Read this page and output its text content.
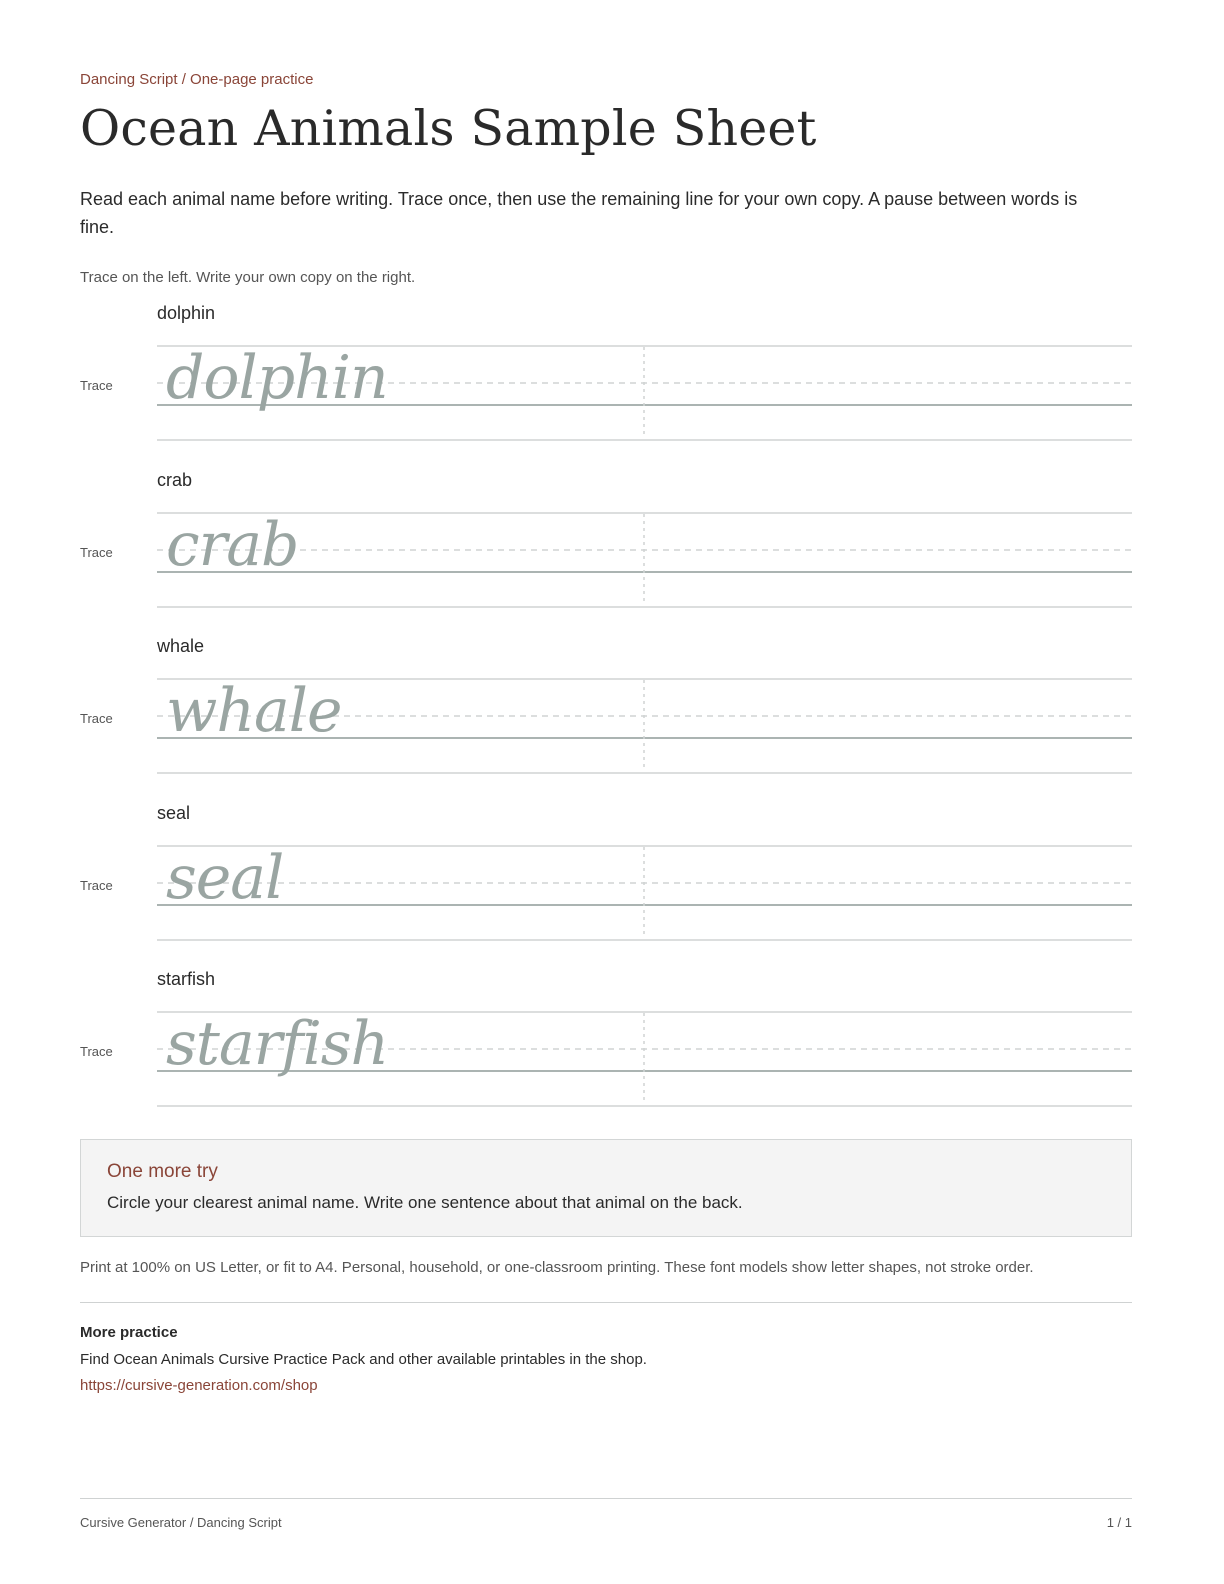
Dancing Script / One-page practice
Ocean Animals Sample Sheet

Read each animal name before writing. Trace once, then use the remaining line for your own copy. A pause between words is fine.

Trace on the left. Write your own copy on the right.
dolphin
Trace dolphin
crab
Trace crab
whale
Trace whale
seal
Trace seal
starfish
Trace starfish
One more try
Circle your clearest animal name. Write one sentence about that animal on the back.
Print at 100% on US Letter, or fit to A4. Personal, household, or one-classroom printing. These font models show letter shapes, not stroke order.
More practice
Find Ocean Animals Cursive Practice Pack and other available printables in the shop.
https://cursive-generation.com/shop
Cursive Generator / Dancing Script	1 / 1
